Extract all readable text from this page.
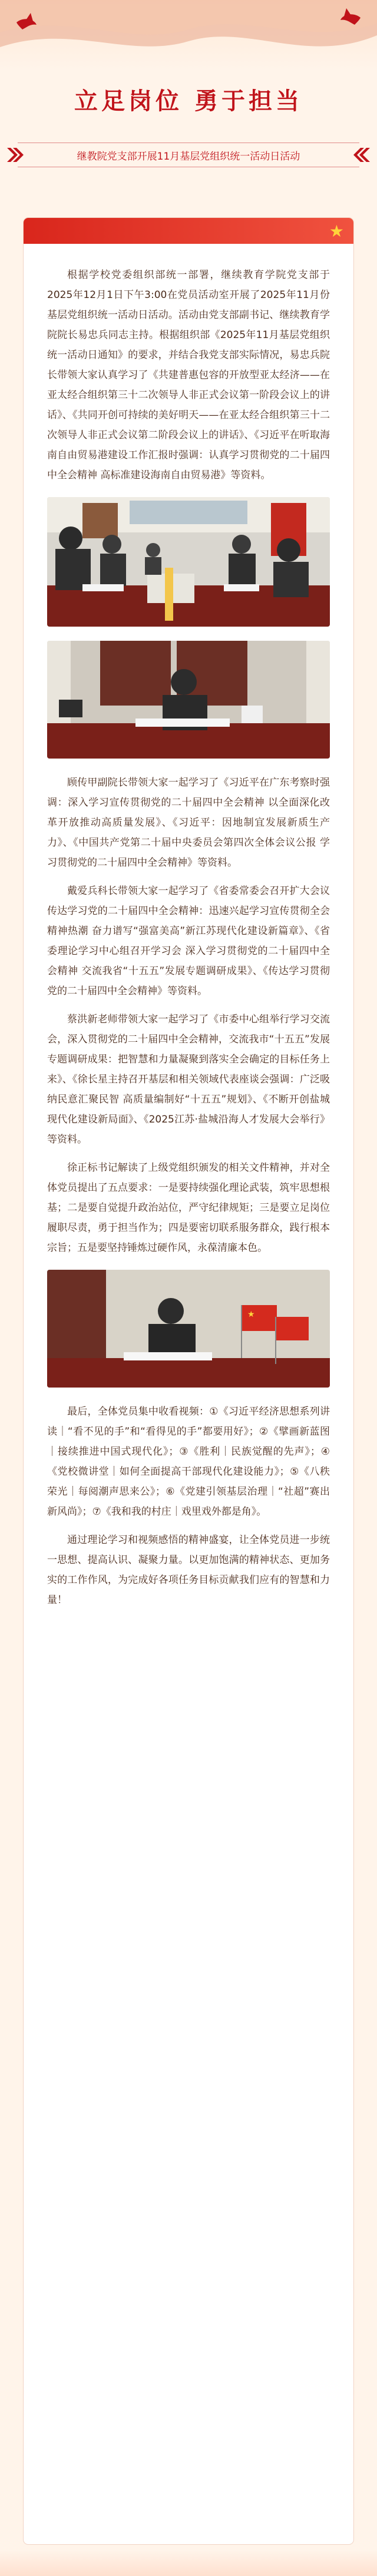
立足岗位 勇于担当
继教院党支部开展11月基层党组织统一活动日活动
★

根据学校党委组织部统一部署，继续教育学院党支部于2025年12月1日下午3:00在党员活动室开展了2025年11月份基层党组织统一活动日活动。活动由党支部副书记、继续教育学院院长易忠兵同志主持。根据组织部《2025年11月基层党组织统一活动日通知》的要求，并结合我党支部实际情况，易忠兵院长带领大家认真学习了《共建普惠包容的开放型亚太经济——在亚太经合组织第三十二次领导人非正式会议第一阶段会议上的讲话》、《共同开创可持续的美好明天——在亚太经合组织第三十二次领导人非正式会议第二阶段会议上的讲话》、《习近平在听取海南自由贸易港建设工作汇报时强调：认真学习贯彻党的二十届四中全会精神 高标准建设海南自由贸易港》等资料。

顾传甲副院长带领大家一起学习了《习近平在广东考察时强调：深入学习宣传贯彻党的二十届四中全会精神 以全面深化改革开放推动高质量发展》、《习近平：因地制宜发展新质生产力》、《中国共产党第二十届中央委员会第四次全体会议公报 学习贯彻党的二十届四中全会精神》等资料。

戴爱兵科长带领大家一起学习了《省委常委会召开扩大会议传达学习党的二十届四中全会精神：迅速兴起学习宣传贯彻全会精神热潮 奋力谱写“强富美高”新江苏现代化建设新篇章》、《省委理论学习中心组召开学习会 深入学习贯彻党的二十届四中全会精神 交流我省“十五五”发展专题调研成果》、《传达学习贯彻党的二十届四中全会精神》等资料。

蔡洪新老师带领大家一起学习了《市委中心组举行学习交流会，深入贯彻党的二十届四中全会精神，交流我市“十五五”发展专题调研成果：把智慧和力量凝聚到落实全会确定的目标任务上来》、《徐长星主持召开基层和相关领域代表座谈会强调：广泛吸纳民意汇聚民智 高质量编制好“十五五”规划》、《不断开创盐城现代化建设新局面》、《2025江苏·盐城沿海人才发展大会举行》等资料。

徐正标书记解读了上级党组织颁发的相关文件精神，并对全体党员提出了五点要求：一是要持续强化理论武装，筑牢思想根基；二是要自觉提升政治站位，严守纪律规矩；三是要立足岗位履职尽责，勇于担当作为；四是要密切联系服务群众，践行根本宗旨；五是要坚持锤炼过硬作风，永葆清廉本色。

★

最后，全体党员集中收看视频：①《习近平经济思想系列讲读｜“看不见的手”和“看得见的手”都要用好》；②《擘画新蓝图｜接续推进中国式现代化》；③《胜利｜民族觉醒的先声》；④《党校微讲堂｜如何全面提高干部现代化建设能力》；⑤《八秩荣光｜每阅潮声思来公》；⑥《党建引领基层治理｜“社超”赛出新风尚》；⑦《我和我的村庄｜戏里戏外都是角》。

通过理论学习和视频感悟的精神盛宴，让全体党员进一步统一思想、提高认识、凝聚力量。以更加饱满的精神状态、更加务实的工作作风，为完成好各项任务目标贡献我们应有的智慧和力量！
